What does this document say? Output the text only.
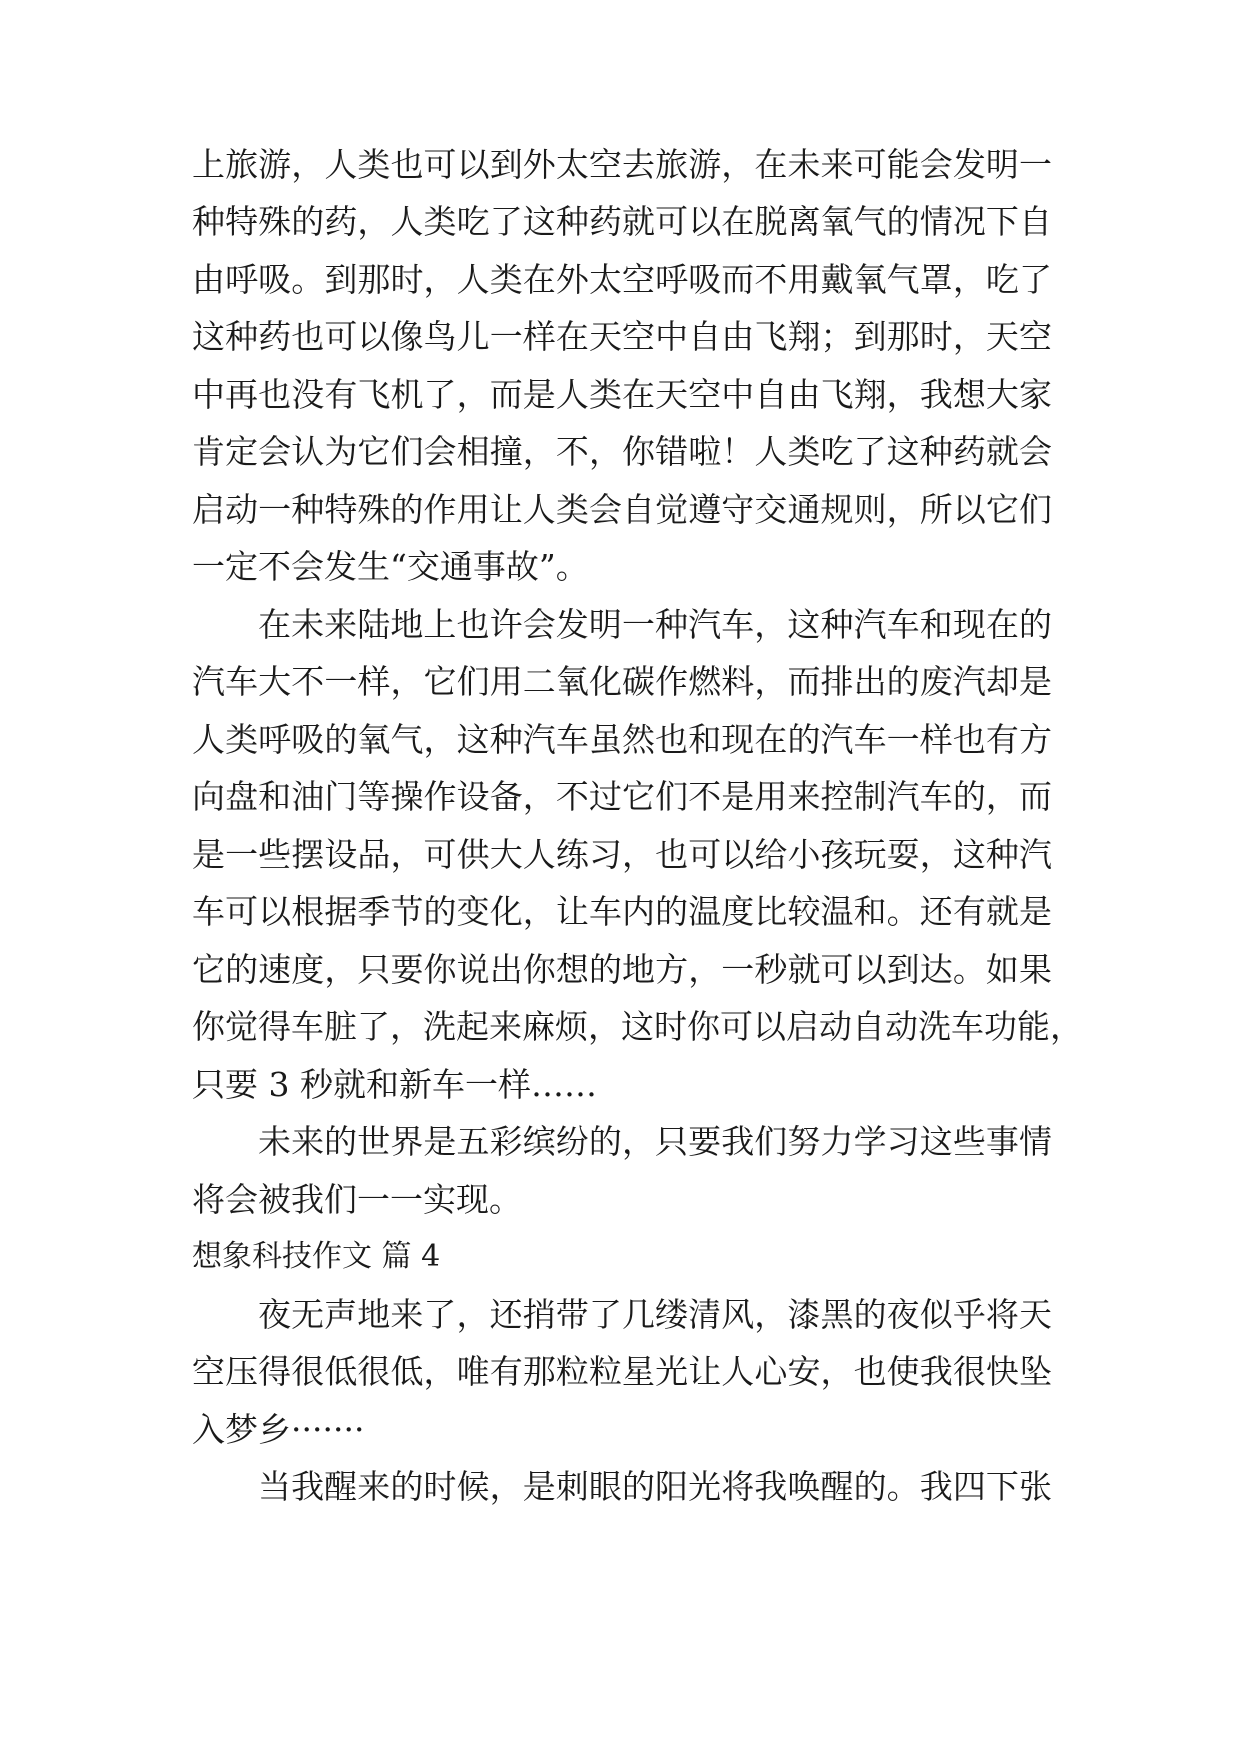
上旅游，人类也可以到外太空去旅游，在未来可能会发明一
种特殊的药，人类吃了这种药就可以在脱离氧气的情况下自
由呼吸。到那时，人类在外太空呼吸而不用戴氧气罩，吃了
这种药也可以像鸟儿一样在天空中自由飞翔；到那时，天空
中再也没有飞机了，而是人类在天空中自由飞翔，我想大家
肯定会认为它们会相撞，不，你错啦！人类吃了这种药就会
启动一种特殊的作用让人类会自觉遵守交通规则，所以它们
一定不会发生“交通事故”。
在未来陆地上也许会发明一种汽车，这种汽车和现在的
汽车大不一样，它们用二氧化碳作燃料，而排出的废汽却是
人类呼吸的氧气，这种汽车虽然也和现在的汽车一样也有方
向盘和油门等操作设备，不过它们不是用来控制汽车的，而
是一些摆设品，可供大人练习，也可以给小孩玩耍，这种汽
车可以根据季节的变化，让车内的温度比较温和。还有就是
它的速度，只要你说出你想的地方，一秒就可以到达。如果
你觉得车脏了，洗起来麻烦，这时你可以启动自动洗车功能，
只要 3 秒就和新车一样……
未来的世界是五彩缤纷的，只要我们努力学习这些事情
将会被我们一一实现。
想象科技作文 篇 4
夜无声地来了，还捎带了几缕清风，漆黑的夜似乎将天
空压得很低很低，唯有那粒粒星光让人心安，也使我很快坠
入梦乡·······
当我醒来的时候，是刺眼的阳光将我唤醒的。我四下张
